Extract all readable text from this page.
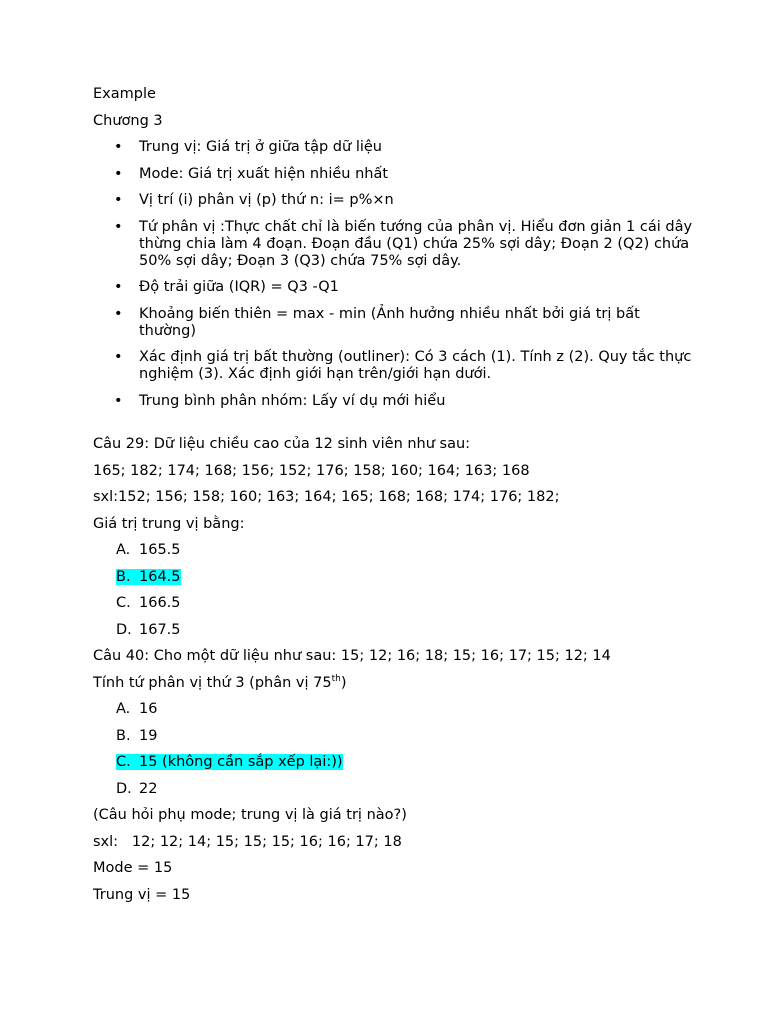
Example

Chương 3

• Trung vị: Giá trị ở giữa tập dữ liệu
• Mode: Giá trị xuất hiện nhiều nhất
• Vị trí (i) phân vị (p) thứ n: i= p%×n
• Tứ phân vị :Thực chất chỉ là biến tướng của phân vị. Hiểu đơn giản 1 cái dây thừng chia làm 4 đoạn. Đoạn đầu (Q1) chứa 25% sợi dây; Đoạn 2 (Q2) chứa 50% sợi dây; Đoạn 3 (Q3) chứa 75% sợi dây.
• Độ trải giữa (IQR) = Q3 -Q1
• Khoảng biến thiên = max - min (Ảnh hưởng nhiều nhất bởi giá trị bất thường)
• Xác định giá trị bất thường (outliner): Có 3 cách (1). Tính z (2). Quy tắc thực nghiệm (3). Xác định giới hạn trên/giới hạn dưới.
• Trung bình phân nhóm: Lấy ví dụ mới hiểu

Câu 29: Dữ liệu chiều cao của 12 sinh viên như sau:

165; 182; 174; 168; 156; 152; 176; 158; 160; 164; 163; 168

sxl:152; 156; 158; 160; 163; 164; 165; 168; 168; 174; 176; 182;

Giá trị trung vị bằng:

A. 165.5
B. 164.5
C. 166.5
D. 167.5

Câu 40: Cho một dữ liệu như sau: 15; 12; 16; 18; 15; 16; 17; 15; 12; 14

Tính tứ phân vị thứ 3 (phân vị 75th)

A. 16
B. 19
C. 15 (không cần sắp xếp lại:))
D. 22

(Câu hỏi phụ mode; trung vị là giá trị nào?)

sxl:   12; 12; 14; 15; 15; 15; 16; 16; 17; 18

Mode = 15

Trung vị = 15
